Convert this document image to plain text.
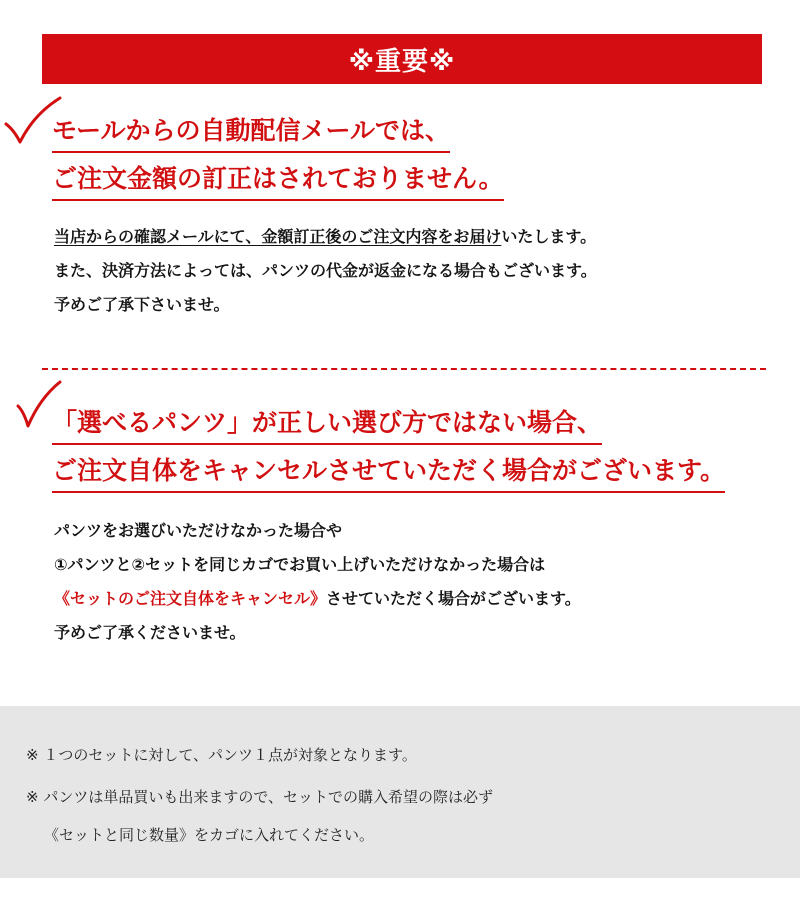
※重要※
モールからの自動配信メールでは、
ご注文金額の訂正はされておりません。
当店からの確認メールにて、金額訂正後のご注文内容をお届けいたします。
また、決済方法によっては、パンツの代金が返金になる場合もございます。
予めご了承下さいませ。
「選べるパンツ」が正しい選び方ではない場合、
ご注文自体をキャンセルさせていただく場合がございます。
パンツをお選びいただけなかった場合や
①パンツと②セットを同じカゴでお買い上げいただけなかった場合は
《セットのご注文自体をキャンセル》させていただく場合がございます。
予めご了承くださいませ。
※ １つのセットに対して、パンツ１点が対象となります。
※ パンツは単品買いも出来ますので、セットでの購入希望の際は必ず
《セットと同じ数量》をカゴに入れてください。
